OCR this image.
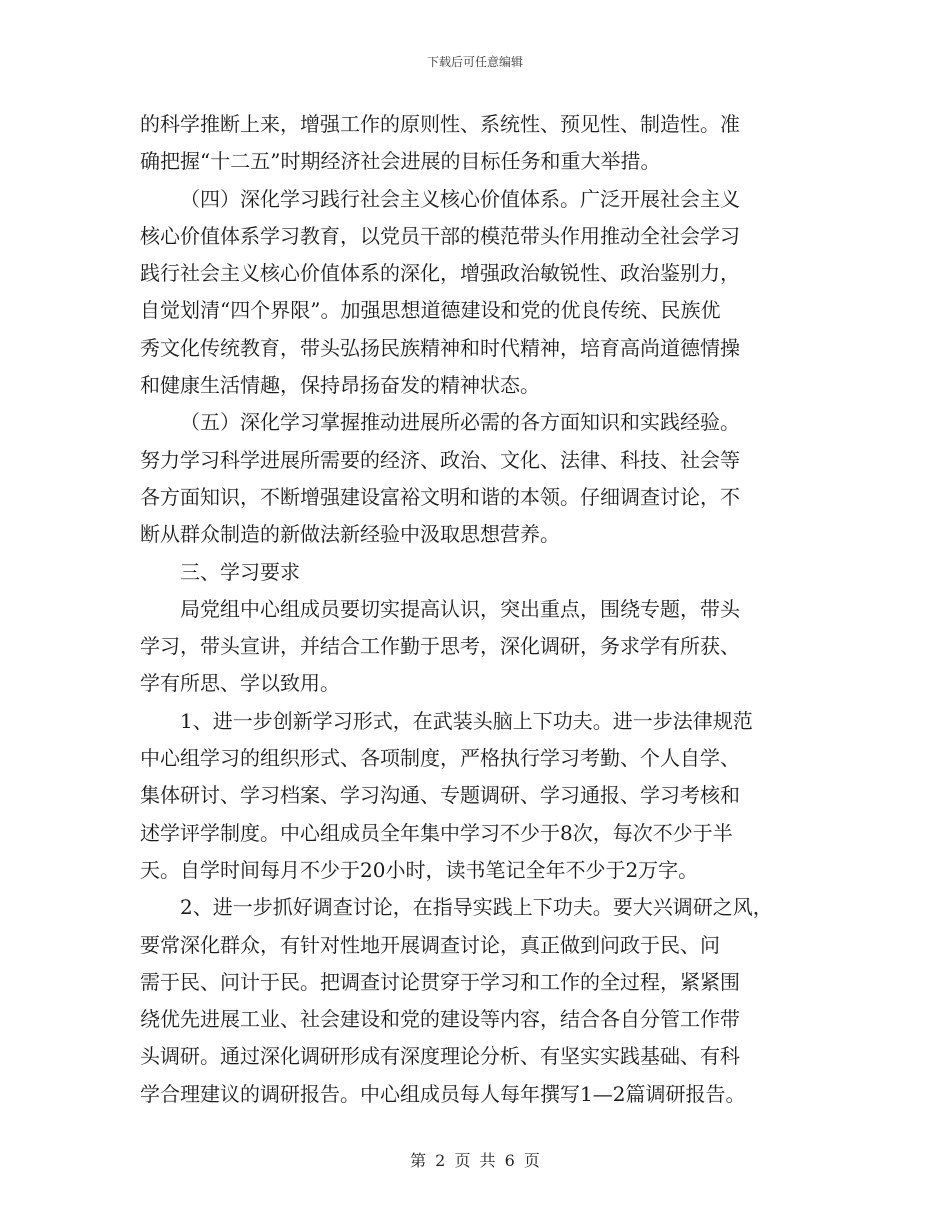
下载后可任意编辑
的科学推断上来，增强工作的原则性、系统性、预见性、制造性。准
确把握“十二五”时期经济社会进展的目标任务和重大举措。
（四）深化学习践行社会主义核心价值体系。广泛开展社会主义
核心价值体系学习教育，以党员干部的模范带头作用推动全社会学习
践行社会主义核心价值体系的深化，增强政治敏锐性、政治鉴别力，
自觉划清“四个界限”。加强思想道德建设和党的优良传统、民族优
秀文化传统教育，带头弘扬民族精神和时代精神，培育高尚道德情操
和健康生活情趣，保持昂扬奋发的精神状态。
（五）深化学习掌握推动进展所必需的各方面知识和实践经验。
努力学习科学进展所需要的经济、政治、文化、法律、科技、社会等
各方面知识，不断增强建设富裕文明和谐的本领。仔细调查讨论，不
断从群众制造的新做法新经验中汲取思想营养。
三、学习要求
局党组中心组成员要切实提高认识，突出重点，围绕专题，带头
学习，带头宣讲，并结合工作勤于思考，深化调研，务求学有所获、
学有所思、学以致用。
1、进一步创新学习形式，在武装头脑上下功夫。进一步法律规范
中心组学习的组织形式、各项制度，严格执行学习考勤、个人自学、
集体研讨、学习档案、学习沟通、专题调研、学习通报、学习考核和
述学评学制度。中心组成员全年集中学习不少于8次，每次不少于半
天。自学时间每月不少于20小时，读书笔记全年不少于2万字。
2、进一步抓好调查讨论，在指导实践上下功夫。要大兴调研之风，
要常深化群众，有针对性地开展调查讨论，真正做到问政于民、问
需于民、问计于民。把调查讨论贯穿于学习和工作的全过程，紧紧围
绕优先进展工业、社会建设和党的建设等内容，结合各自分管工作带
头调研。通过深化调研形成有深度理论分析、有坚实实践基础、有科
学合理建议的调研报告。中心组成员每人每年撰写1—2篇调研报告。
第 2 页 共 6 页
